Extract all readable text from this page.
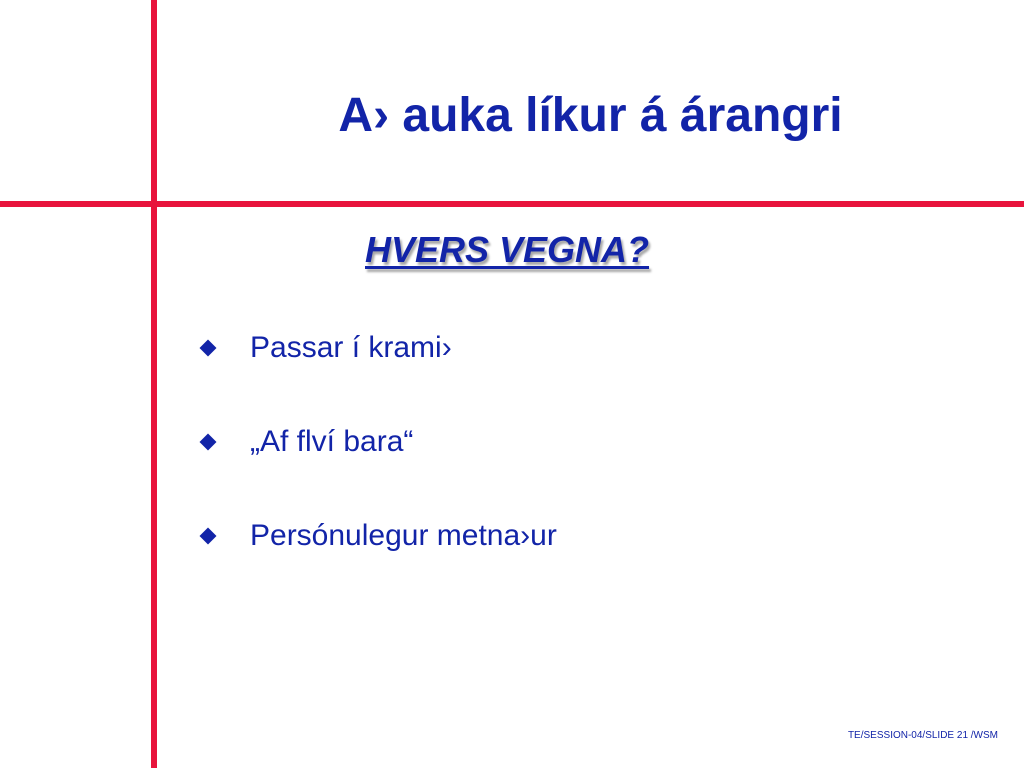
A› auka líkur á árangri
HVERS VEGNA?
Passar í krami›
„Af flví bara“
Persónulegur metna›ur
TE/SESSION-04/SLIDE 21 /WSM
